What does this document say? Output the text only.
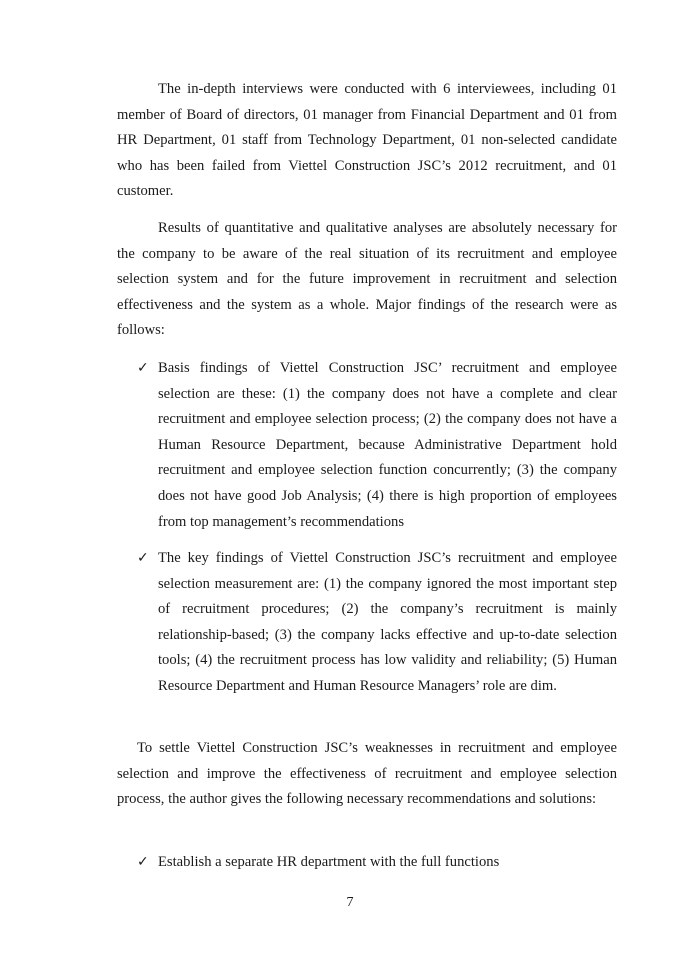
The in-depth interviews were conducted with 6 interviewees, including 01 member of Board of directors, 01 manager from Financial Department and 01 from HR Department, 01 staff from Technology Department, 01 non-selected candidate who has been failed from Viettel Construction JSC’s 2012 recruitment, and 01 customer.

Results of quantitative and qualitative analyses are absolutely necessary for the company to be aware of the real situation of its recruitment and employee selection system and for the future improvement in recruitment and selection effectiveness and the system as a whole. Major findings of the research were as follows:

✓ Basis findings of Viettel Construction JSC’ recruitment and employee selection are these: (1) the company does not have a complete and clear recruitment and employee selection process; (2) the company does not have a Human Resource Department, because Administrative Department hold recruitment and employee selection function concurrently; (3) the company does not have good Job Analysis; (4) there is high proportion of employees from top management’s recommendations
✓ The key findings of Viettel Construction JSC’s recruitment and employee selection measurement are: (1) the company ignored the most important step of recruitment procedures; (2) the company’s recruitment is mainly relationship-based; (3) the company lacks effective and up-to-date selection tools; (4) the recruitment process has low validity and reliability; (5) Human Resource Department and Human Resource Managers’ role are dim.

To settle Viettel Construction JSC’s weaknesses in recruitment and employee selection and improve the effectiveness of recruitment and employee selection process, the author gives the following necessary recommendations and solutions:

✓ Establish a separate HR department with the full functions
7
